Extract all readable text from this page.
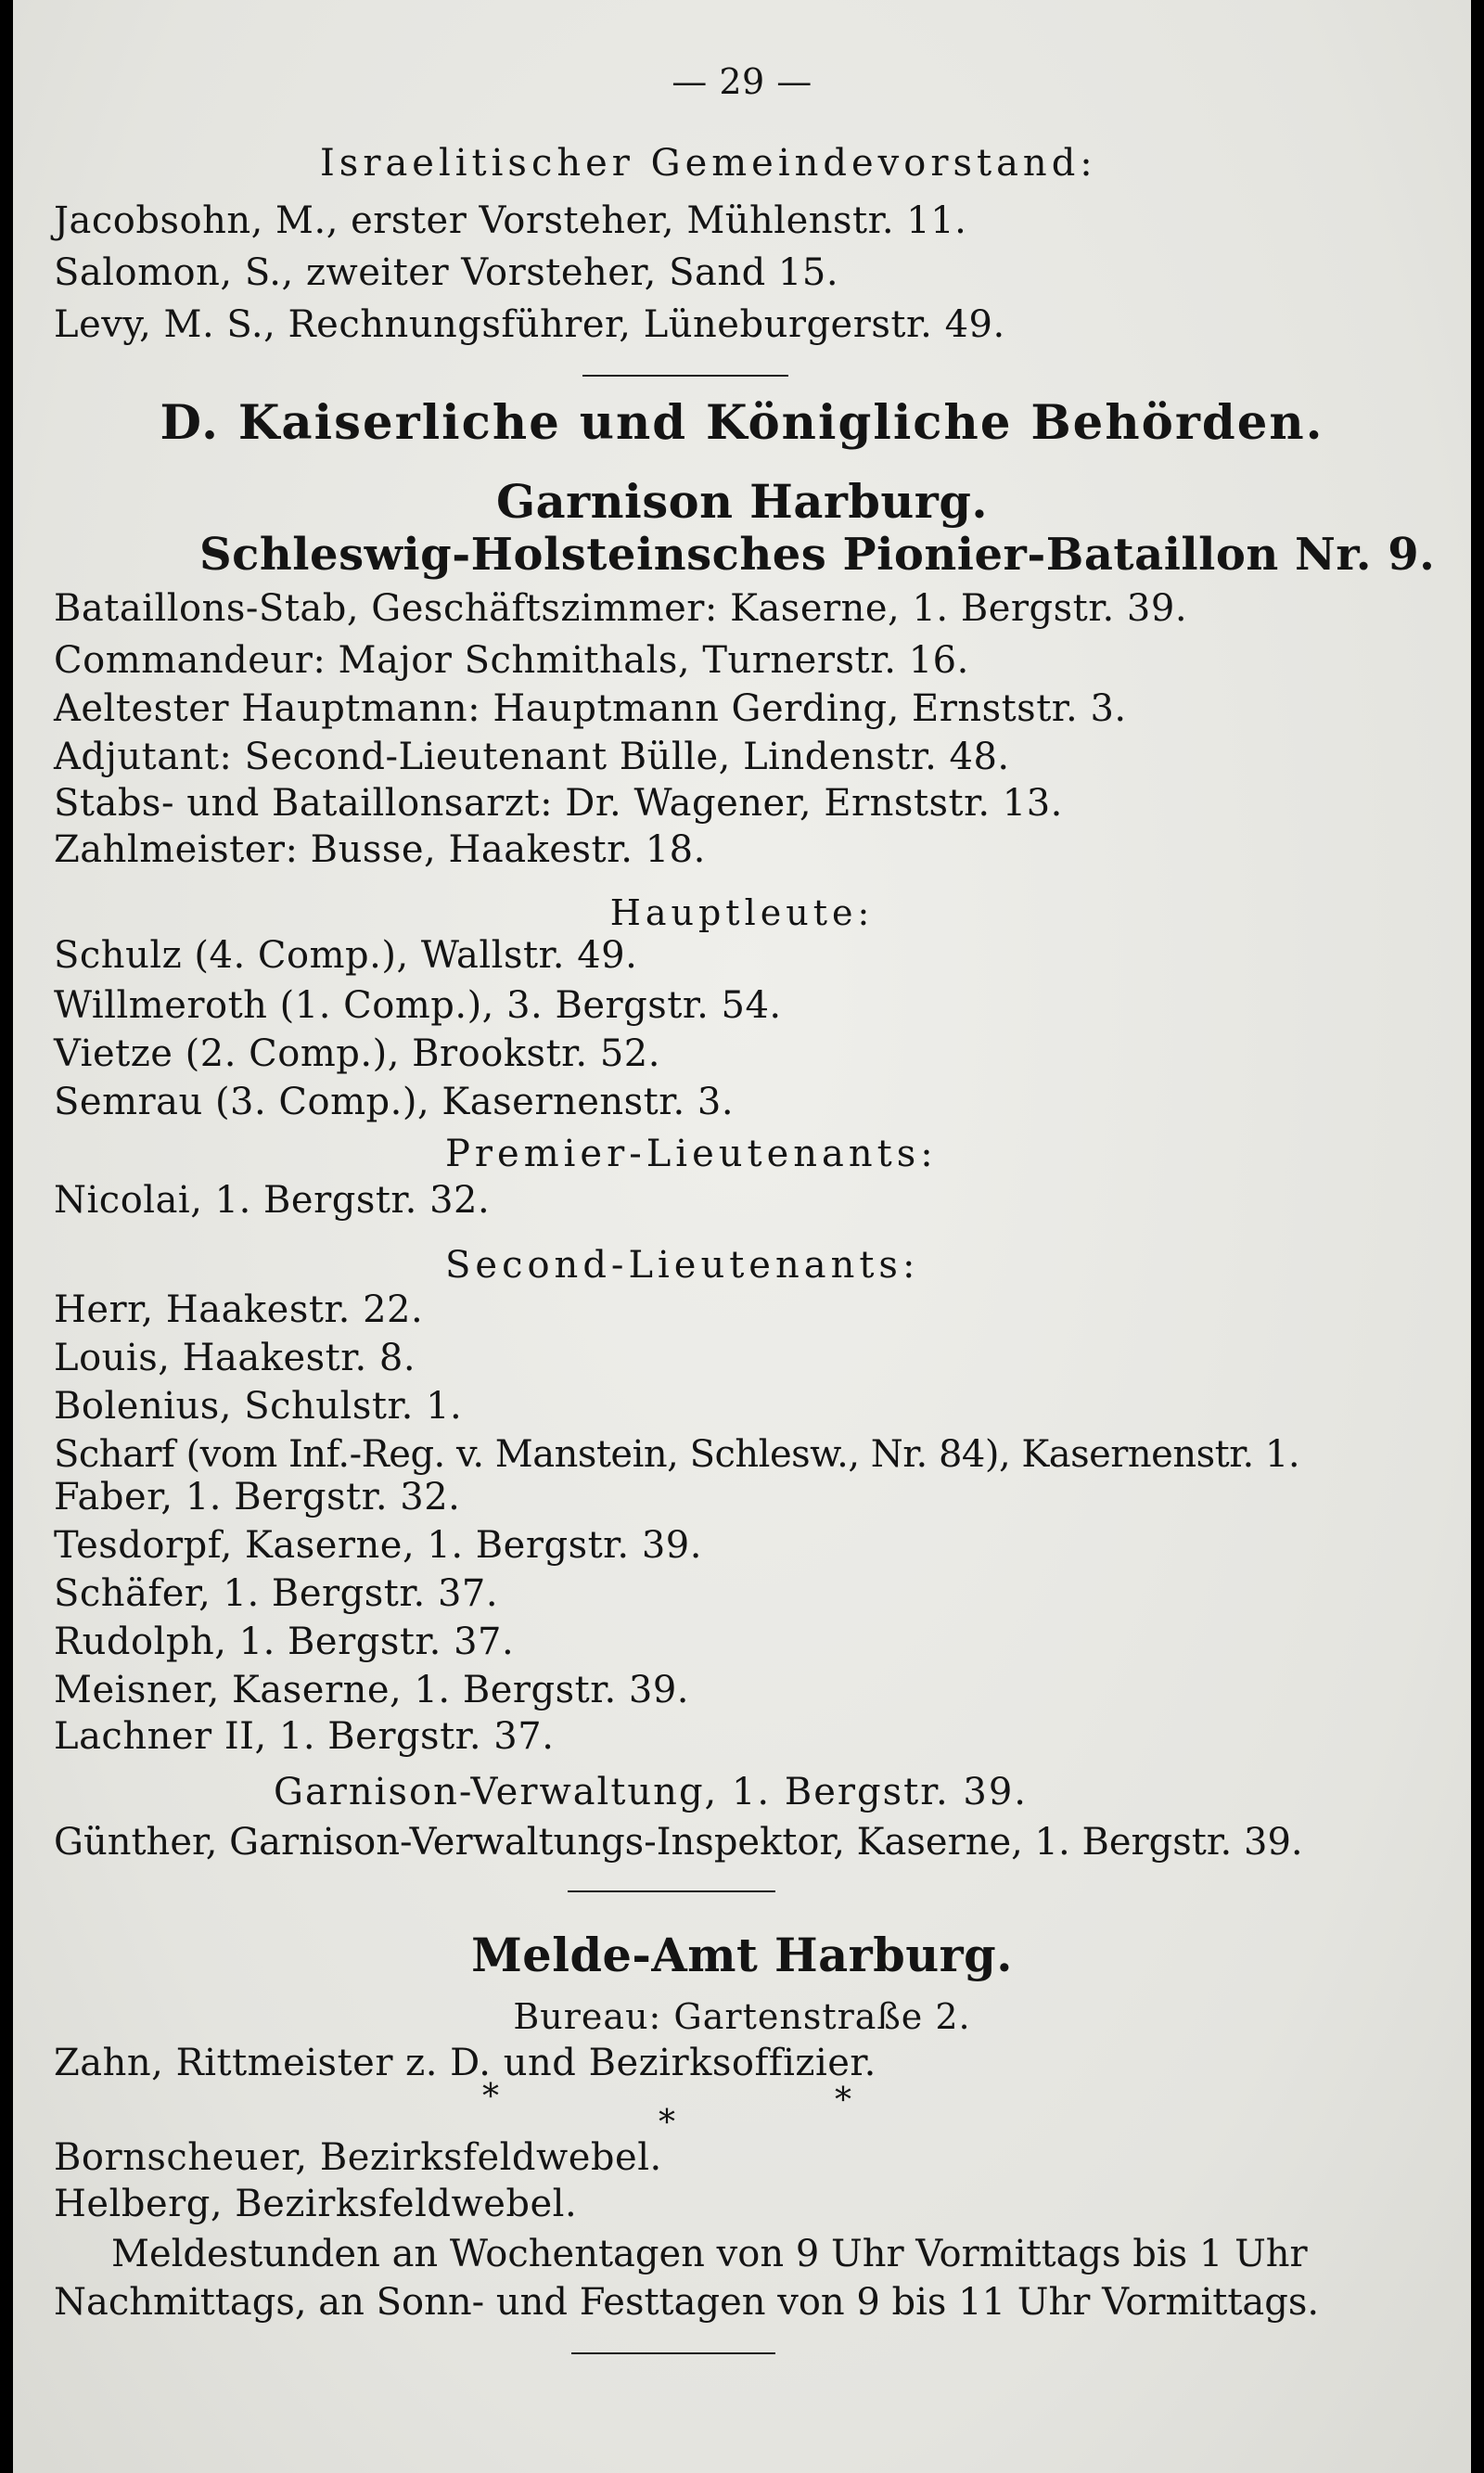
— 29 —
Israelitischer Gemeindevorstand:
Jacobsohn, M., erster Vorsteher, Mühlenstr. 11.
Salomon, S., zweiter Vorsteher, Sand 15.
Levy, M. S., Rechnungsführer, Lüneburgerstr. 49.
D. Kaiserliche und Königliche Behörden.
Garnison Harburg.
Schleswig-Holsteinsches Pionier-Bataillon Nr. 9.
Bataillons-Stab, Geschäftszimmer: Kaserne, 1. Bergstr. 39.
Commandeur: Major Schmithals, Turnerstr. 16.
Aeltester Hauptmann: Hauptmann Gerding, Ernststr. 3.
Adjutant: Second-Lieutenant Bülle, Lindenstr. 48.
Stabs- und Bataillonsarzt: Dr. Wagener, Ernststr. 13.
Zahlmeister: Busse, Haakestr. 18.
Hauptleute:
Schulz (4. Comp.), Wallstr. 49.
Willmeroth (1. Comp.), 3. Bergstr. 54.
Vietze (2. Comp.), Brookstr. 52.
Semrau (3. Comp.), Kasernenstr. 3.
Premier-Lieutenants:
Nicolai, 1. Bergstr. 32.
Second-Lieutenants:
Herr, Haakestr. 22.
Louis, Haakestr. 8.
Bolenius, Schulstr. 1.
Scharf (vom Inf.-Reg. v. Manstein, Schlesw., Nr. 84), Kasernenstr. 1.
Faber, 1. Bergstr. 32.
Tesdorpf, Kaserne, 1. Bergstr. 39.
Schäfer, 1. Bergstr. 37.
Rudolph, 1. Bergstr. 37.
Meisner, Kaserne, 1. Bergstr. 39.
Lachner II, 1. Bergstr. 37.
Garnison-Verwaltung, 1. Bergstr. 39.
Günther, Garnison-Verwaltungs-Inspektor, Kaserne, 1. Bergstr. 39.
Melde-Amt Harburg.
Bureau: Gartenstraße 2.
Zahn, Rittmeister z. D. und Bezirksoffizier.
*
*
*
Bornscheuer, Bezirksfeldwebel.
Helberg, Bezirksfeldwebel.
Meldestunden an Wochentagen von 9 Uhr Vormittags bis 1 Uhr
Nachmittags, an Sonn- und Festtagen von 9 bis 11 Uhr Vormittags.
